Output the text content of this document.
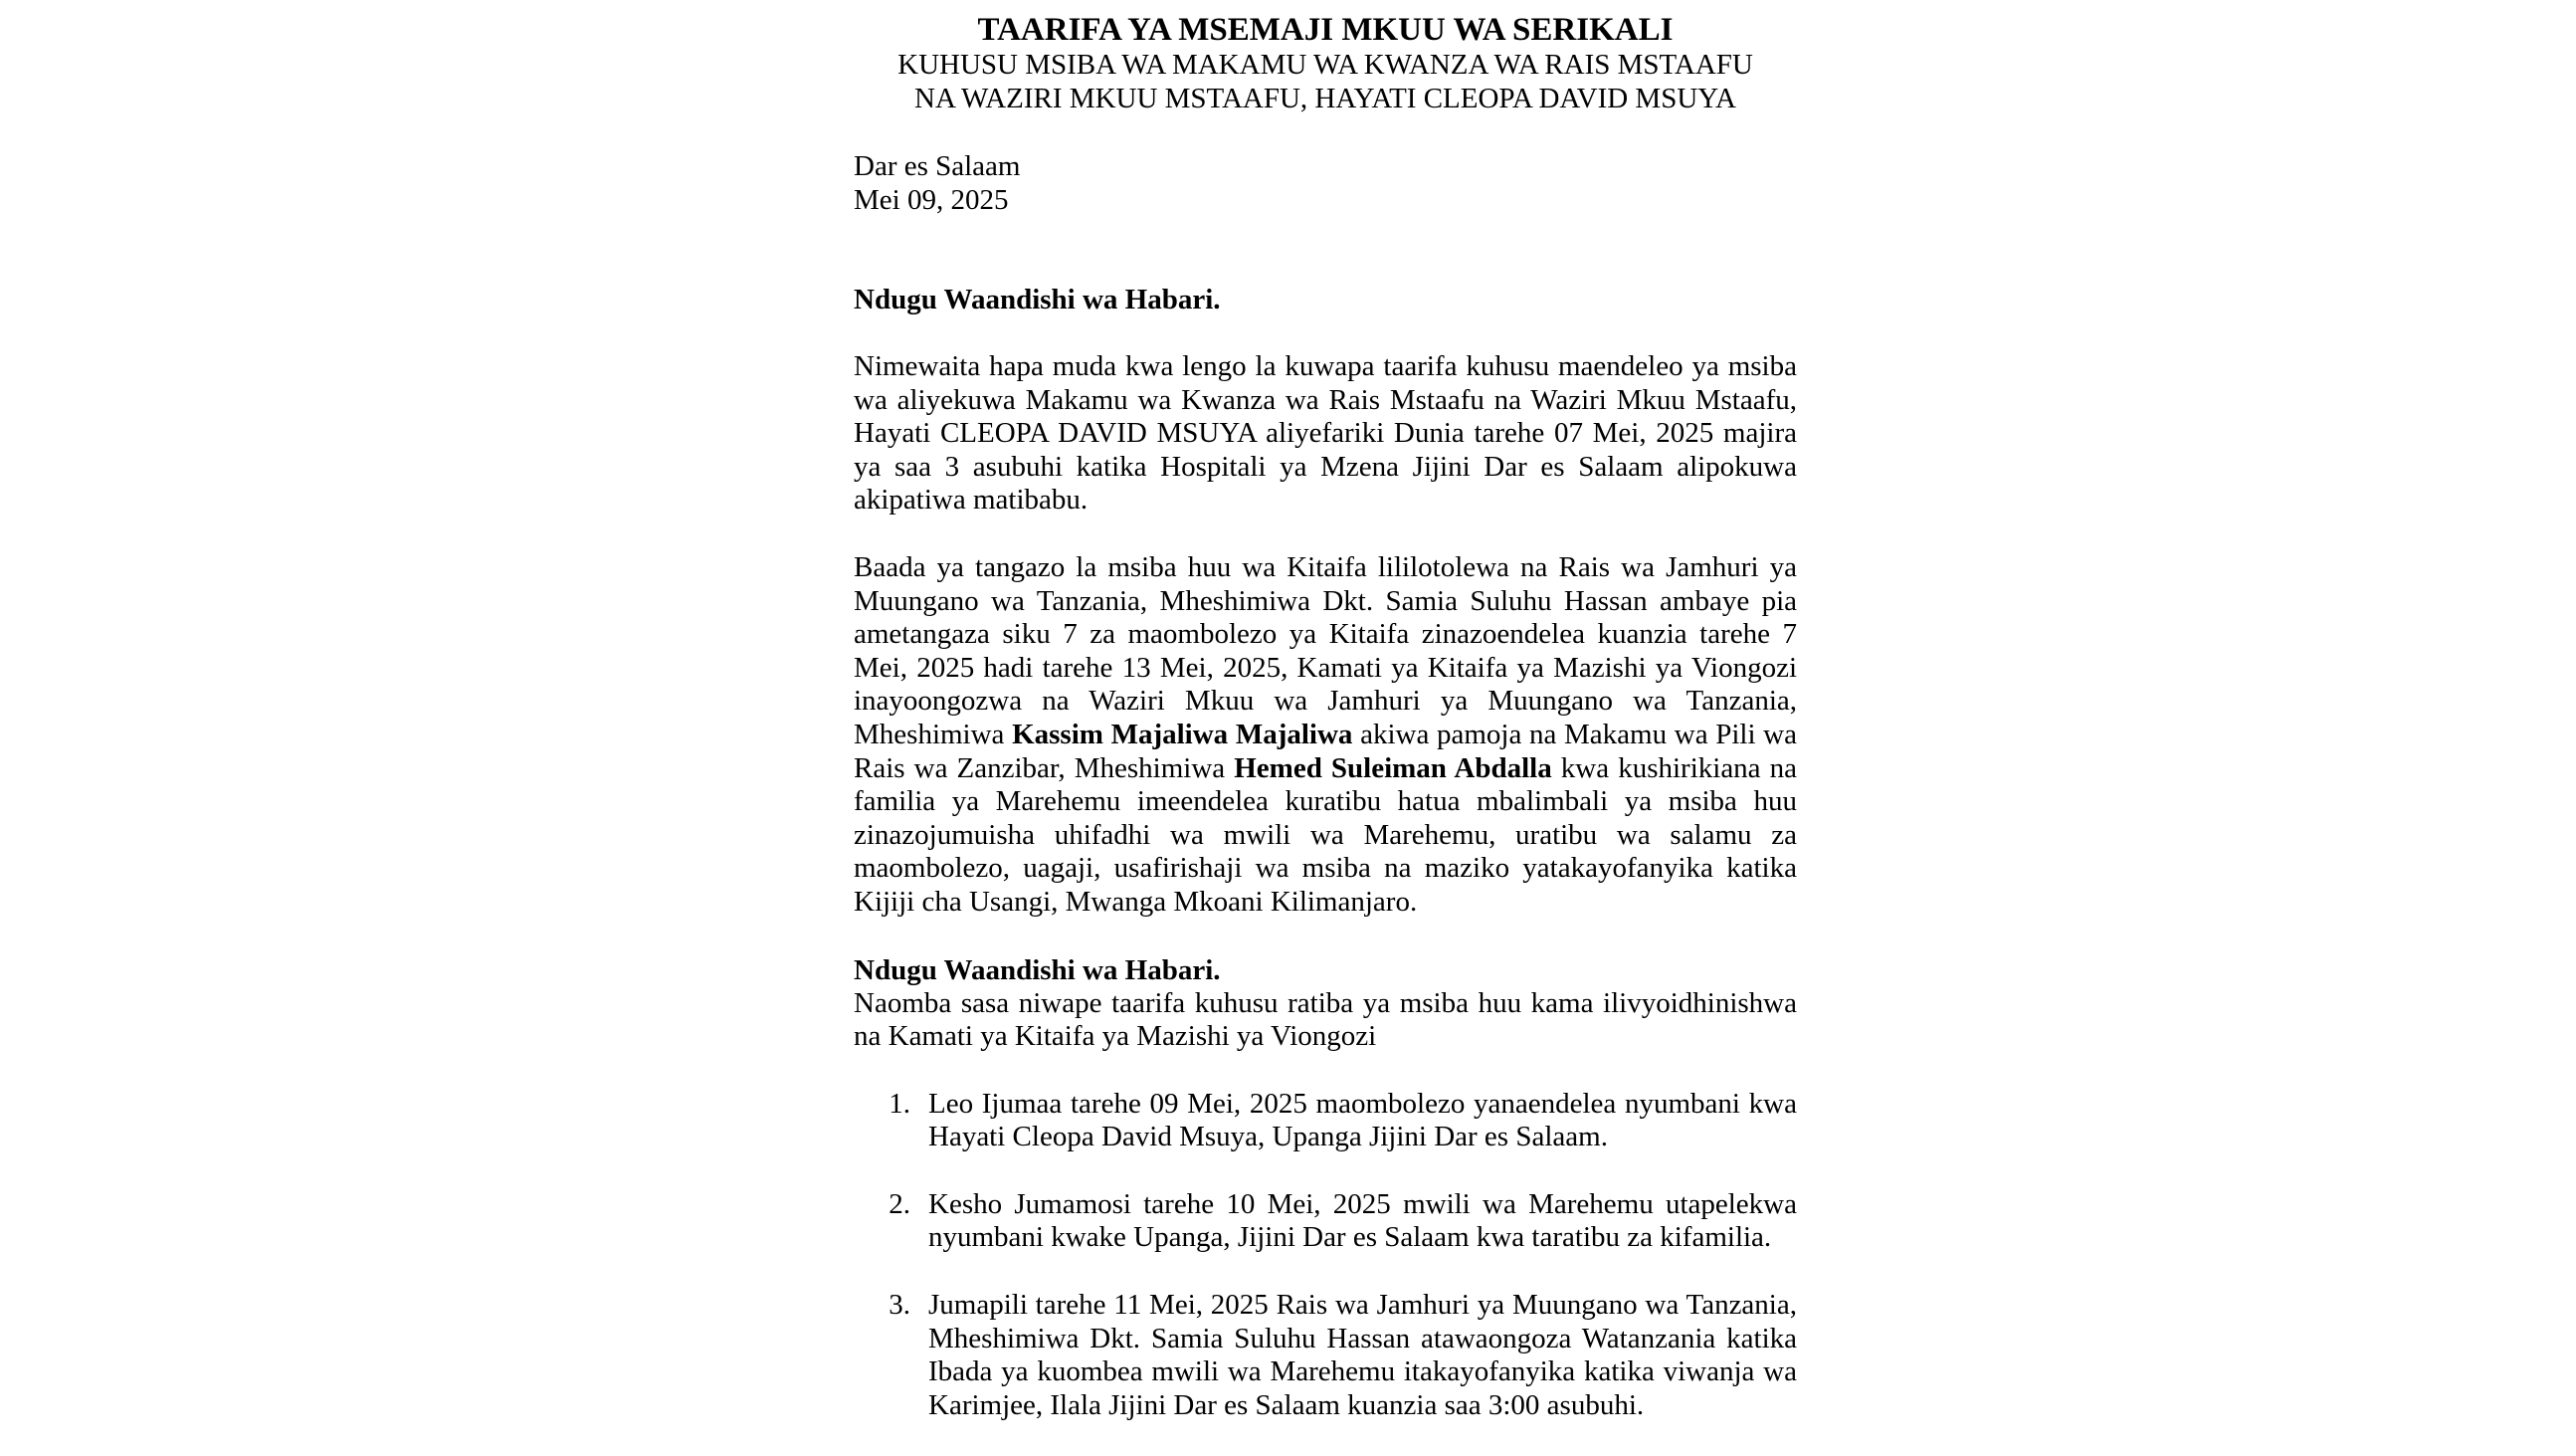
TAARIFA YA MSEMAJI MKUU WA SERIKALI
KUHUSU MSIBA WA MAKAMU WA KWANZA WA RAIS MSTAAFU
NA WAZIRI MKUU MSTAAFU, HAYATI CLEOPA DAVID MSUYA
Dar es Salaam
Mei 09, 2025

Ndugu Waandishi wa Habari.

Nimewaita hapa muda kwa lengo la kuwapa taarifa kuhusu maendeleo ya msiba wa aliyekuwa Makamu wa Kwanza wa Rais Mstaafu na Waziri Mkuu Mstaafu, Hayati CLEOPA DAVID MSUYA aliyefariki Dunia tarehe 07 Mei, 2025 majira ya saa 3 asubuhi katika Hospitali ya Mzena Jijini Dar es Salaam alipokuwa akipatiwa matibabu.

Baada ya tangazo la msiba huu wa Kitaifa lililotolewa na Rais wa Jamhuri ya Muungano wa Tanzania, Mheshimiwa Dkt. Samia Suluhu Hassan ambaye pia ametangaza siku 7 za maombolezo ya Kitaifa zinazoendelea kuanzia tarehe 7 Mei, 2025 hadi tarehe 13 Mei, 2025, Kamati ya Kitaifa ya Mazishi ya Viongozi inayoongozwa na Waziri Mkuu wa Jamhuri ya Muungano wa Tanzania, Mheshimiwa Kassim Majaliwa Majaliwa akiwa pamoja na Makamu wa Pili wa Rais wa Zanzibar, Mheshimiwa Hemed Suleiman Abdalla kwa kushirikiana na familia ya Marehemu imeendelea kuratibu hatua mbalimbali ya msiba huu zinazojumuisha uhifadhi wa mwili wa Marehemu, uratibu wa salamu za maombolezo, uagaji, usafirishaji wa msiba na maziko yatakayofanyika katika Kijiji cha Usangi, Mwanga Mkoani Kilimanjaro.

Ndugu Waandishi wa Habari.

Naomba sasa niwape taarifa kuhusu ratiba ya msiba huu kama ilivyoidhinishwa na Kamati ya Kitaifa ya Mazishi ya Viongozi

1. Leo Ijumaa tarehe 09 Mei, 2025 maombolezo yanaendelea nyumbani kwa Hayati Cleopa David Msuya, Upanga Jijini Dar es Salaam.
2. Kesho Jumamosi tarehe 10 Mei, 2025 mwili wa Marehemu utapelekwa nyumbani kwake Upanga, Jijini Dar es Salaam kwa taratibu za kifamilia.
3. Jumapili tarehe 11 Mei, 2025 Rais wa Jamhuri ya Muungano wa Tanzania, Mheshimiwa Dkt. Samia Suluhu Hassan atawaongoza Watanzania katika Ibada ya kuombea mwili wa Marehemu itakayofanyika katika viwanja wa Karimjee, Ilala Jijini Dar es Salaam kuanzia saa 3:00 asubuhi.
